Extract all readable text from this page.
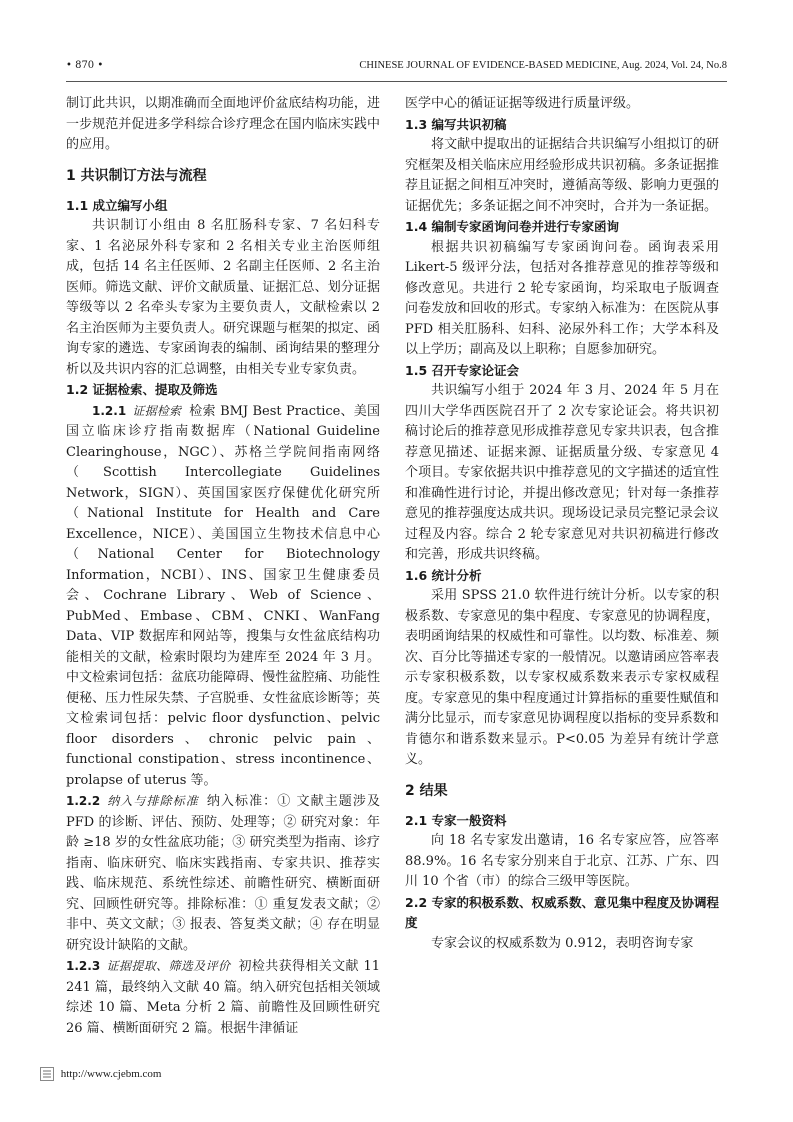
• 870 •	CHINESE JOURNAL OF EVIDENCE-BASED MEDICINE, Aug. 2024, Vol. 24, No.8

制订此共识，以期准确而全面地评价盆底结构功能，进一步规范并促进多学科综合诊疗理念在国内临床实践中的应用。

1 共识制订方法与流程
1.1 成立编写小组

共识制订小组由 8 名肛肠科专家、7 名妇科专家、1 名泌尿外科专家和 2 名相关专业主治医师组成，包括 14 名主任医师、2 名副主任医师、2 名主治医师。筛选文献、评价文献质量、证据汇总、划分证据等级等以 2 名牵头专家为主要负责人，文献检索以 2 名主治医师为主要负责人。研究课题与框架的拟定、函询专家的遴选、专家函询表的编制、函询结果的整理分析以及共识内容的汇总调整，由相关专业专家负责。

1.2 证据检索、提取及筛选

1.2.1 证据检索 检索 BMJ Best Practice、美国国立临床诊疗指南数据库（National Guideline Clearinghouse，NGC）、苏格兰学院间指南网络（Scottish Intercollegiate Guidelines Network，SIGN）、英国国家医疗保健优化研究所（National Institute for Health and Care Excellence，NICE）、美国国立生物技术信息中心（National Center for Biotechnology Information，NCBI）、INS、国家卫生健康委员会、Cochrane Library、Web of Science、PubMed、Embase、CBM、CNKI、WanFang Data、VIP 数据库和网站等，搜集与女性盆底结构功能相关的文献，检索时限均为建库至 2024 年 3 月。中文检索词包括：盆底功能障碍、慢性盆腔痛、功能性便秘、压力性尿失禁、子宫脱垂、女性盆底诊断等；英文检索词包括：pelvic floor dysfunction、pelvic floor disorders、chronic pelvic pain、functional constipation、stress incontinence、prolapse of uterus 等。

1.2.2 纳入与排除标准 纳入标准：① 文献主题涉及 PFD 的诊断、评估、预防、处理等；② 研究对象：年龄 ≥18 岁的女性盆底功能；③ 研究类型为指南、诊疗指南、临床研究、临床实践指南、专家共识、推荐实践、临床规范、系统性综述、前瞻性研究、横断面研究、回顾性研究等。排除标准：① 重复发表文献；② 非中、英文文献；③ 报表、答复类文献；④ 存在明显研究设计缺陷的文献。

1.2.3 证据提取、筛选及评价 初检共获得相关文献 11 241 篇，最终纳入文献 40 篇。纳入研究包括相关领域综述 10 篇、Meta 分析 2 篇、前瞻性及回顾性研究 26 篇、横断面研究 2 篇。根据牛津循证

医学中心的循证证据等级进行质量评级。

1.3 编写共识初稿

将文献中提取出的证据结合共识编写小组拟订的研究框架及相关临床应用经验形成共识初稿。多条证据推荐且证据之间相互冲突时，遵循高等级、影响力更强的证据优先；多条证据之间不冲突时，合并为一条证据。

1.4 编制专家函询问卷并进行专家函询

根据共识初稿编写专家函询问卷。函询表采用 Likert-5 级评分法，包括对各推荐意见的推荐等级和修改意见。共进行 2 轮专家函询，均采取电子版调查问卷发放和回收的形式。专家纳入标准为：在医院从事 PFD 相关肛肠科、妇科、泌尿外科工作；大学本科及以上学历；副高及以上职称；自愿参加研究。

1.5 召开专家论证会

共识编写小组于 2024 年 3 月、2024 年 5 月在四川大学华西医院召开了 2 次专家论证会。将共识初稿讨论后的推荐意见形成推荐意见专家共识表，包含推荐意见描述、证据来源、证据质量分级、专家意见 4 个项目。专家依据共识中推荐意见的文字描述的适宜性和准确性进行讨论，并提出修改意见；针对每一条推荐意见的推荐强度达成共识。现场设记录员完整记录会议过程及内容。综合 2 轮专家意见对共识初稿进行修改和完善，形成共识终稿。

1.6 统计分析

采用 SPSS 21.0 软件进行统计分析。以专家的积极系数、专家意见的集中程度、专家意见的协调程度，表明函询结果的权威性和可靠性。以均数、标准差、频次、百分比等描述专家的一般情况。以邀请函应答率表示专家积极系数，以专家权威系数来表示专家权威程度。专家意见的集中程度通过计算指标的重要性赋值和满分比显示，而专家意见协调程度以指标的变异系数和肯德尔和谐系数来显示。P<0.05 为差异有统计学意义。

2 结果
2.1 专家一般资料

向 18 名专家发出邀请，16 名专家应答，应答率 88.9%。16 名专家分别来自于北京、江苏、广东、四川 10 个省（市）的综合三级甲等医院。

2.2 专家的积极系数、权威系数、意见集中程度及协调程度

专家会议的权威系数为 0.912，表明咨询专家

http://www.cjebm.com
